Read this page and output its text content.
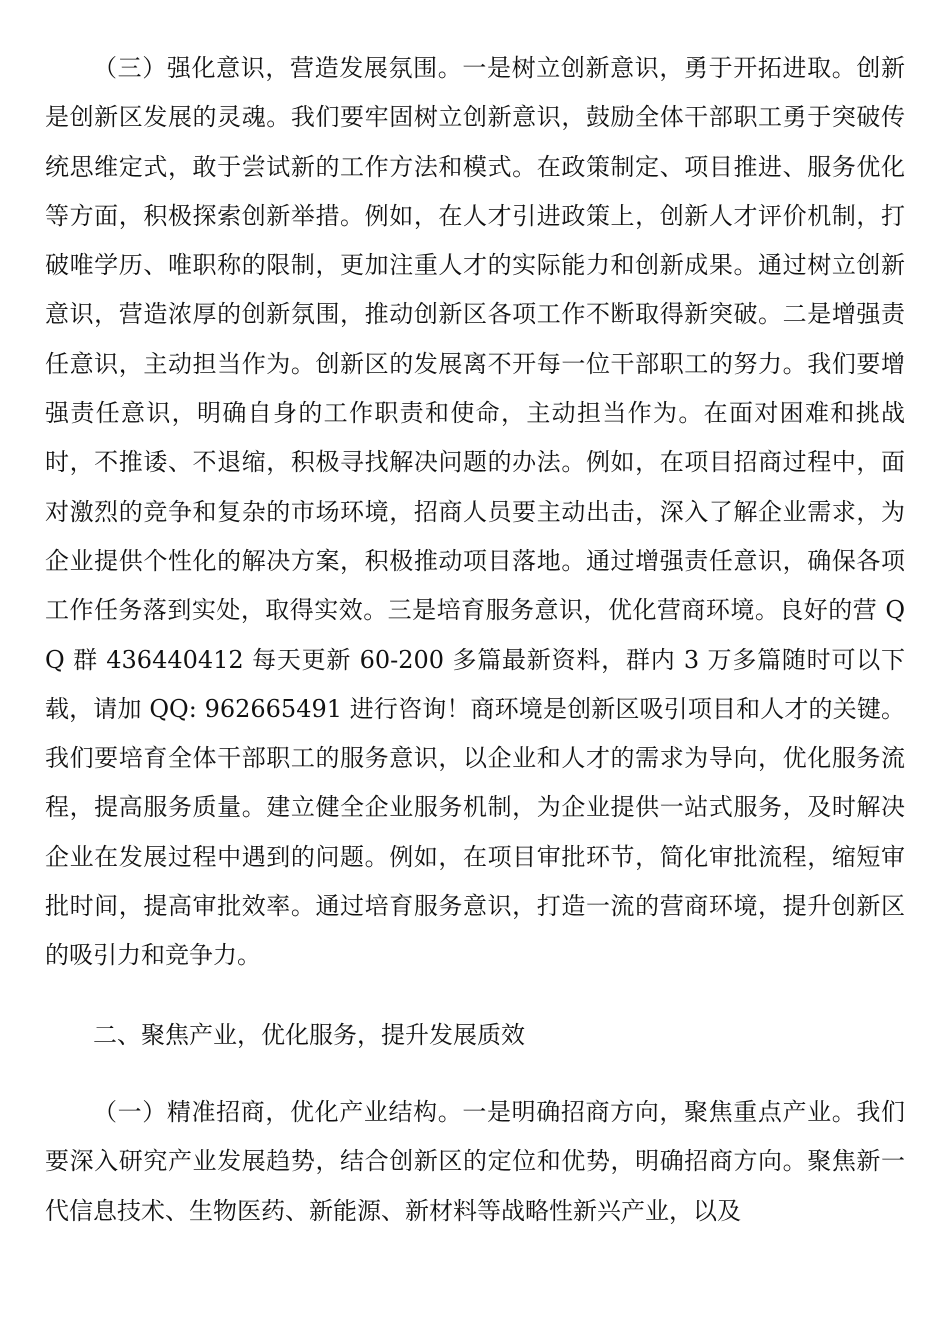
（三）强化意识，营造发展氛围。一是树立创新意识，勇于开拓进取。创新是创新区发展的灵魂。我们要牢固树立创新意识，鼓励全体干部职工勇于突破传统思维定式，敢于尝试新的工作方法和模式。在政策制定、项目推进、服务优化等方面，积极探索创新举措。例如，在人才引进政策上，创新人才评价机制，打破唯学历、唯职称的限制，更加注重人才的实际能力和创新成果。通过树立创新意识，营造浓厚的创新氛围，推动创新区各项工作不断取得新突破。二是增强责任意识，主动担当作为。创新区的发展离不开每一位干部职工的努力。我们要增强责任意识，明确自身的工作职责和使命，主动担当作为。在面对困难和挑战时，不推诿、不退缩，积极寻找解决问题的办法。例如，在项目招商过程中，面对激烈的竞争和复杂的市场环境，招商人员要主动出击，深入了解企业需求，为企业提供个性化的解决方案，积极推动项目落地。通过增强责任意识，确保各项工作任务落到实处，取得实效。三是培育服务意识，优化营商环境。良好的营 QQ 群 436440412 每天更新 60-200 多篇最新资料，群内 3 万多篇随时可以下载，请加 QQ: 962665491 进行咨询！商环境是创新区吸引项目和人才的关键。我们要培育全体干部职工的服务意识，以企业和人才的需求为导向，优化服务流程，提高服务质量。建立健全企业服务机制，为企业提供一站式服务，及时解决企业在发展过程中遇到的问题。例如，在项目审批环节，简化审批流程，缩短审批时间，提高审批效率。通过培育服务意识，打造一流的营商环境，提升创新区的吸引力和竞争力。

二、聚焦产业，优化服务，提升发展质效

（一）精准招商，优化产业结构。一是明确招商方向，聚焦重点产业。我们要深入研究产业发展趋势，结合创新区的定位和优势，明确招商方向。聚焦新一代信息技术、生物医药、新能源、新材料等战略性新兴产业，以及
